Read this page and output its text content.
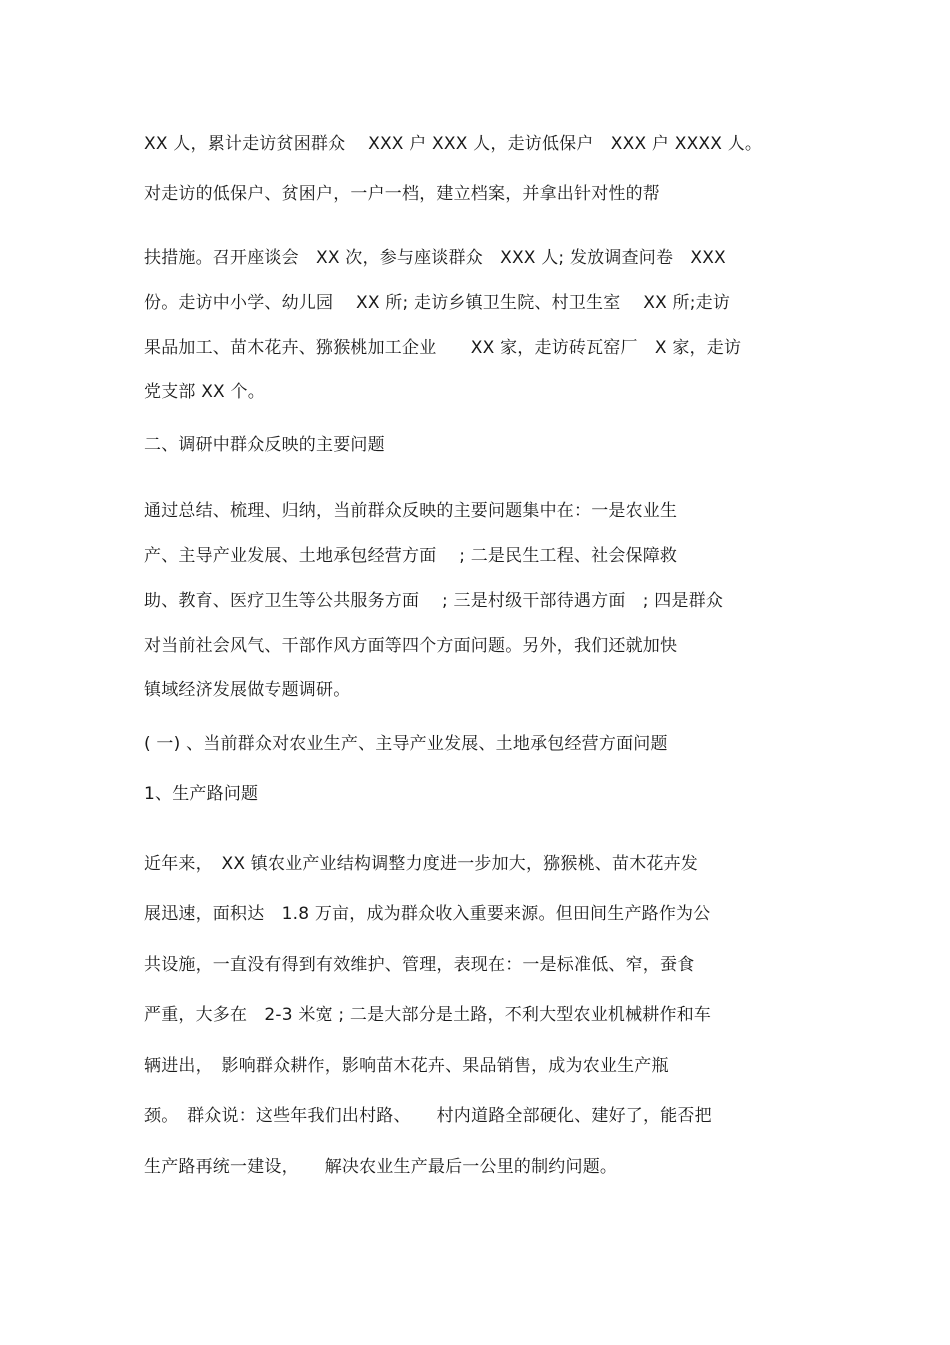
XX 人，累计走访贫困群众　 XXX 户 XXX 人，走访低保户　XXX 户 XXXX 人。
对走访的低保户、贫困户，一户一档，建立档案，并拿出针对性的帮
扶措施。召开座谈会　XX 次，参与座谈群众　XXX 人; 发放调查问卷　XXX
份。走访中小学、幼儿园　 XX 所; 走访乡镇卫生院、村卫生室　 XX 所;走访
果品加工、苗木花卉、猕猴桃加工企业　　XX 家，走访砖瓦窑厂　X 家，走访
党支部 XX 个。
二、调研中群众反映的主要问题
通过总结、梳理、归纳，当前群众反映的主要问题集中在：一是农业生
产、主导产业发展、土地承包经营方面　 ; 二是民生工程、社会保障救
助、教育、医疗卫生等公共服务方面　 ; 三是村级干部待遇方面　; 四是群众
对当前社会风气、干部作风方面等四个方面问题。另外，我们还就加快
镇域经济发展做专题调研。
( 一) 、当前群众对农业生产、主导产业发展、土地承包经营方面问题
1、生产路问题
近年来，　XX 镇农业产业结构调整力度进一步加大，猕猴桃、苗木花卉发
展迅速，面积达　1.8 万亩，成为群众收入重要来源。但田间生产路作为公
共设施，一直没有得到有效维护、管理，表现在：一是标准低、窄，蚕食
严重，大多在　2-3 米宽 ; 二是大部分是土路，不利大型农业机械耕作和车
辆进出，　影响群众耕作，影响苗木花卉、果品销售，成为农业生产瓶
颈。　群众说：这些年我们出村路、　　村内道路全部硬化、建好了，能否把
生产路再统一建设，　　解决农业生产最后一公里的制约问题。
